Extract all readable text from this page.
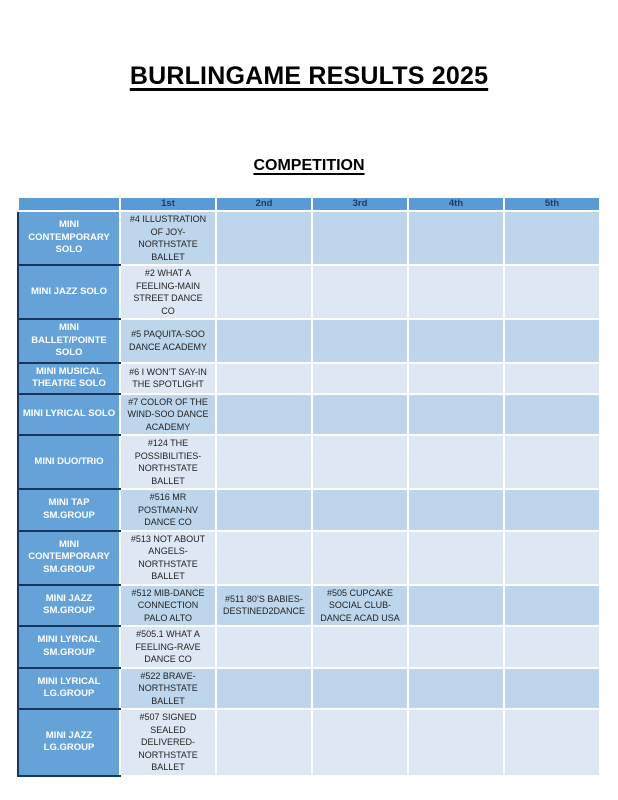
BURLINGAME RESULTS 2025
COMPETITION
	1st	2nd	3rd	4th	5th
MINI CONTEMPORARY SOLO	#4 ILLUSTRATION OF JOY- NORTHSTATE BALLET				
MINI JAZZ SOLO	#2 WHAT A FEELING-MAIN STREET DANCE CO				
MINI BALLET/POINTE SOLO	#5 PAQUITA-SOO DANCE ACADEMY				
MINI MUSICAL THEATRE SOLO	#6 I WON’T SAY-IN THE SPOTLIGHT				
MINI LYRICAL SOLO	#7 COLOR OF THE WIND-SOO DANCE ACADEMY				
MINI DUO/TRIO	#124 THE POSSIBILITIES- NORTHSTATE BALLET				
MINI TAP SM.GROUP	#516 MR POSTMAN-NV DANCE CO				
MINI CONTEMPORARY SM.GROUP	#513 NOT ABOUT ANGELS- NORTHSTATE BALLET				
MINI JAZZ SM.GROUP	#512 MIB-DANCE CONNECTION PALO ALTO	#511 80’S BABIES- DESTINED2DANCE	#505 CUPCAKE SOCIAL CLUB- DANCE ACAD USA		
MINI LYRICAL SM.GROUP	#505.1 WHAT A FEELING-RAVE DANCE CO				
MINI LYRICAL LG.GROUP	#522 BRAVE- NORTHSTATE BALLET				
MINI JAZZ LG.GROUP	#507 SIGNED SEALED DELIVERED- NORTHSTATE BALLET				
